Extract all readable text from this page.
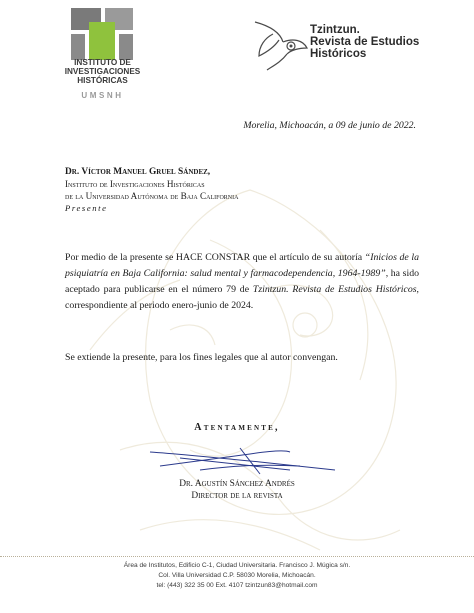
INSTITUTO DE
INVESTIGACIONES
HISTÓRICAS
UMSNH
Tzintzun.
Revista de Estudios
Históricos
Morelia, Michoacán, a 09 de junio de 2022.
Dr. Víctor Manuel Gruel Sández,
Instituto de Investigaciones Históricas
de la Universidad Autónoma de Baja California
Presente
Por medio de la presente se HACE CONSTAR que el artículo de su autoría “Inicios de la psiquiatría en Baja California: salud mental y farmacodependencia, 1964-1989”, ha sido aceptado para publicarse en el número 79 de Tzintzun. Revista de Estudios Históricos, correspondiente al periodo enero-junio de 2024.
Se extiende la presente, para los fines legales que al autor convengan.
Atentamente,
Dr. Agustín Sánchez Andrés
Director de la revista
Área de Institutos, Edificio C-1, Ciudad Universitaria. Francisco J. Múgica s/n.
Col. Villa Universidad C.P. 58030 Morelia, Michoacán.
tel: (443) 322 35 00 Ext. 4107 tzintzun83@hotmail.com
